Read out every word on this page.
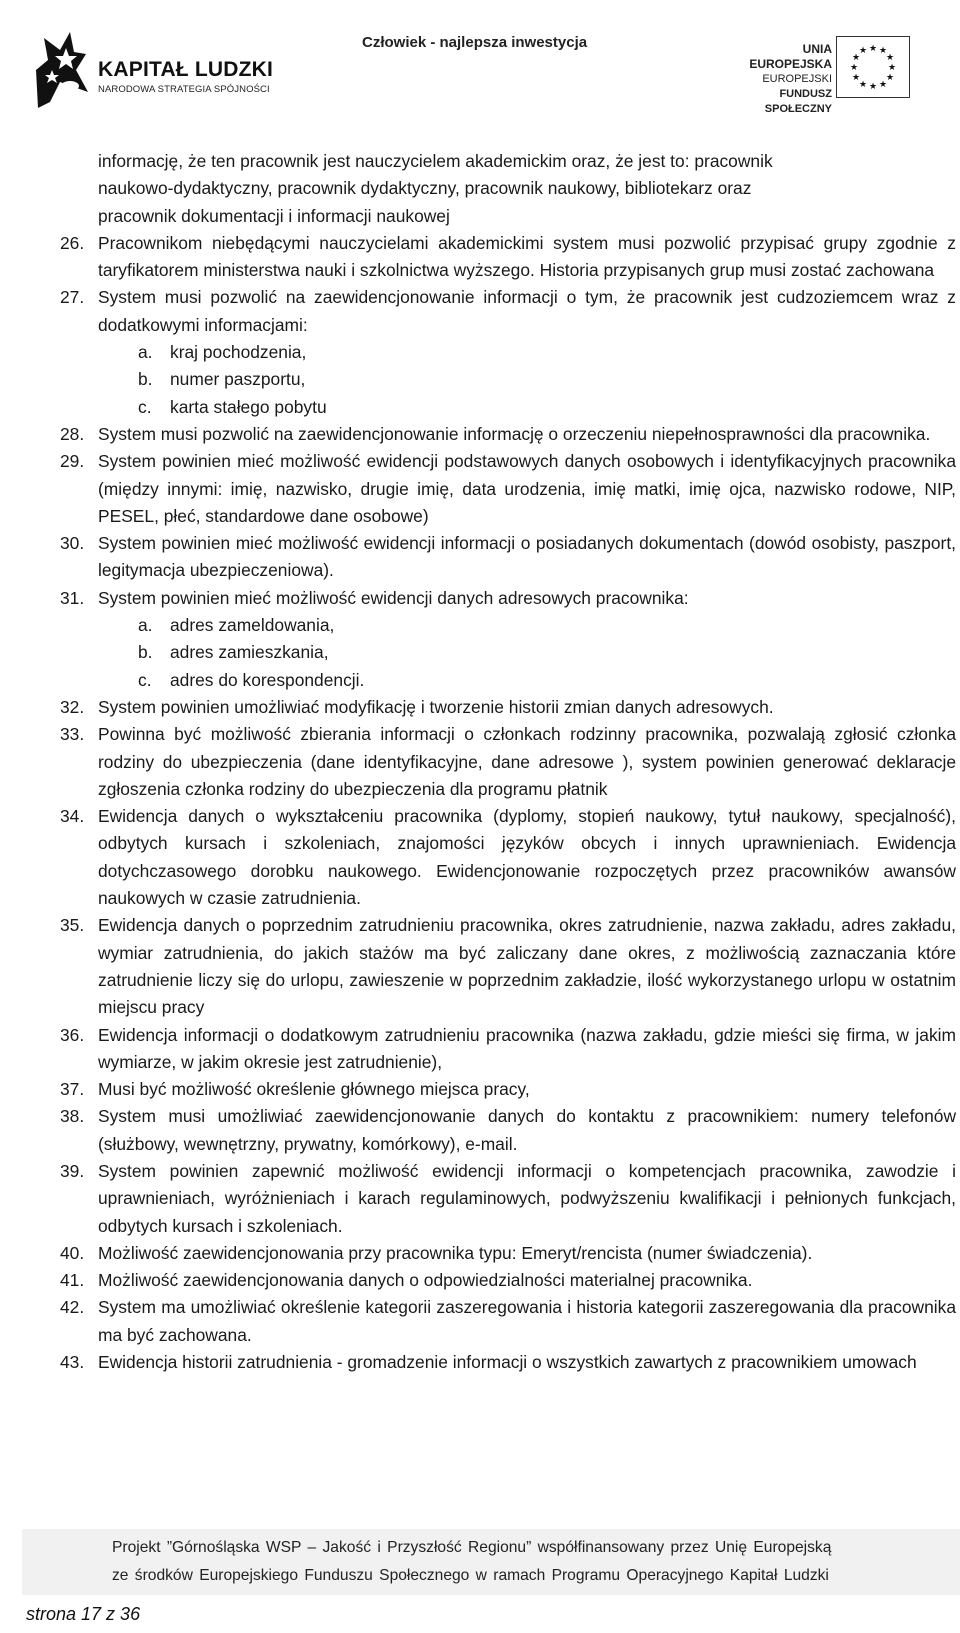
KAPITAŁ LUDZKI
NARODOWA STRATEGIA SPÓJNOŚCI
Człowiek - najlepsza inwestycja	UNIA EUROPEJSKA
EUROPEJSKI
FUNDUSZ SPOŁECZNY
★ ★
★
★
★
★
★
★
★
★
★
★
informację, że ten pracownik jest nauczycielem akademickim oraz, że jest to: pracownik
naukowo-dydaktyczny, pracownik dydaktyczny, pracownik naukowy, bibliotekarz oraz
pracownik dokumentacji i informacji naukowej
26. Pracownikom niebędącymi nauczycielami akademickimi system musi pozwolić przypisać grupy zgodnie z taryfikatorem ministerstwa nauki i szkolnictwa wyższego. Historia przypisanych grup musi zostać zachowana
27. System musi pozwolić na zaewidencjonowanie informacji o tym, że pracownik jest cudzoziemcem wraz z dodatkowymi informacjami:
a. kraj pochodzenia,
b. numer paszportu,
c. karta stałego pobytu
28. System musi pozwolić na zaewidencjonowanie informację o orzeczeniu niepełnosprawności dla pracownika.
29. System powinien mieć możliwość ewidencji podstawowych danych osobowych i identyfikacyjnych pracownika (między innymi: imię, nazwisko, drugie imię, data urodzenia, imię matki, imię ojca, nazwisko rodowe, NIP, PESEL, płeć, standardowe dane osobowe)
30. System powinien mieć możliwość ewidencji informacji o posiadanych dokumentach (dowód osobisty, paszport, legitymacja ubezpieczeniowa).
31. System powinien mieć możliwość ewidencji danych adresowych pracownika:
a. adres zameldowania,
b. adres zamieszkania,
c. adres do korespondencji.
32. System powinien umożliwiać modyfikację i tworzenie historii zmian danych adresowych.
33. Powinna być możliwość zbierania informacji o członkach rodzinny pracownika, pozwalają zgłosić członka rodziny do ubezpieczenia (dane identyfikacyjne, dane adresowe ), system powinien generować deklaracje zgłoszenia członka rodziny do ubezpieczenia dla programu płatnik
34. Ewidencja danych o wykształceniu pracownika (dyplomy, stopień naukowy, tytuł naukowy, specjalność), odbytych kursach i szkoleniach, znajomości języków obcych i innych uprawnieniach. Ewidencja dotychczasowego dorobku naukowego. Ewidencjonowanie rozpoczętych przez pracowników awansów naukowych w czasie zatrudnienia.
35. Ewidencja danych o poprzednim zatrudnieniu pracownika, okres zatrudnienie, nazwa zakładu, adres zakładu, wymiar zatrudnienia, do jakich stażów ma być zaliczany dane okres, z możliwością zaznaczania które zatrudnienie liczy się do urlopu, zawieszenie w poprzednim zakładzie, ilość wykorzystanego urlopu w ostatnim miejscu pracy
36. Ewidencja informacji o dodatkowym zatrudnieniu pracownika (nazwa zakładu, gdzie mieści się firma, w jakim wymiarze, w jakim okresie jest zatrudnienie),
37. Musi być możliwość określenie głównego miejsca pracy,
38. System musi umożliwiać zaewidencjonowanie danych do kontaktu z pracownikiem: numery telefonów (służbowy, wewnętrzny, prywatny, komórkowy), e-mail.
39. System powinien zapewnić możliwość ewidencji informacji o kompetencjach pracownika, zawodzie i uprawnieniach, wyróżnieniach i karach regulaminowych, podwyższeniu kwalifikacji i pełnionych funkcjach, odbytych kursach i szkoleniach.
40. Możliwość zaewidencjonowania przy pracownika typu: Emeryt/rencista (numer świadczenia).
41. Możliwość zaewidencjonowania danych o odpowiedzialności materialnej pracownika.
42. System ma umożliwiać określenie kategorii zaszeregowania i historia kategorii zaszeregowania dla pracownika ma być zachowana.
43. Ewidencja historii zatrudnienia - gromadzenie informacji o wszystkich zawartych z pracownikiem umowach
Projekt ”Górnośląska WSP – Jakość i Przyszłość Regionu” współfinansowany przez Unię Europejską
ze środków Europejskiego Funduszu Społecznego w ramach Programu Operacyjnego Kapitał Ludzki
strona 17 z 36
